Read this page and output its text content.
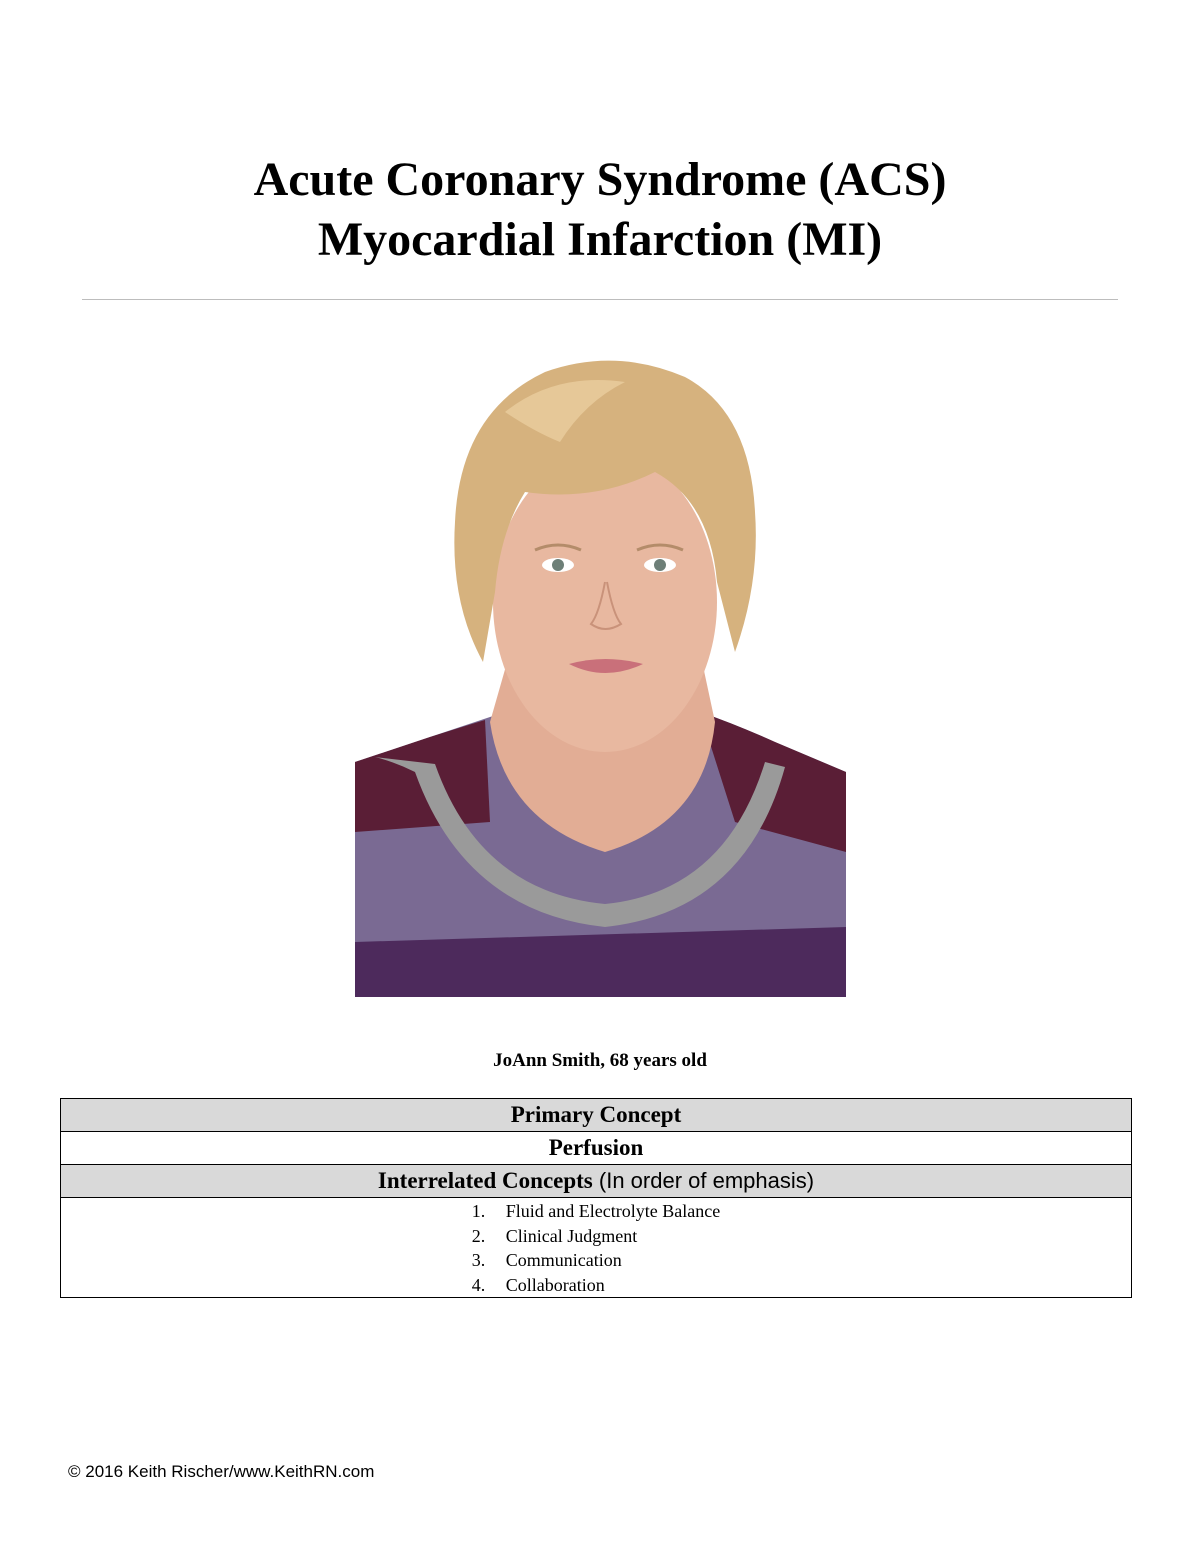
Acute Coronary Syndrome (ACS)
Myocardial Infarction (MI)
JoAnn Smith, 68 years old
Primary Concept
Perfusion
Interrelated Concepts (In order of emphasis)

1.	Fluid and Electrolyte Balance
2.	Clinical Judgment
3.	Communication
4.	Collaboration
© 2016 Keith Rischer/www.KeithRN.com
